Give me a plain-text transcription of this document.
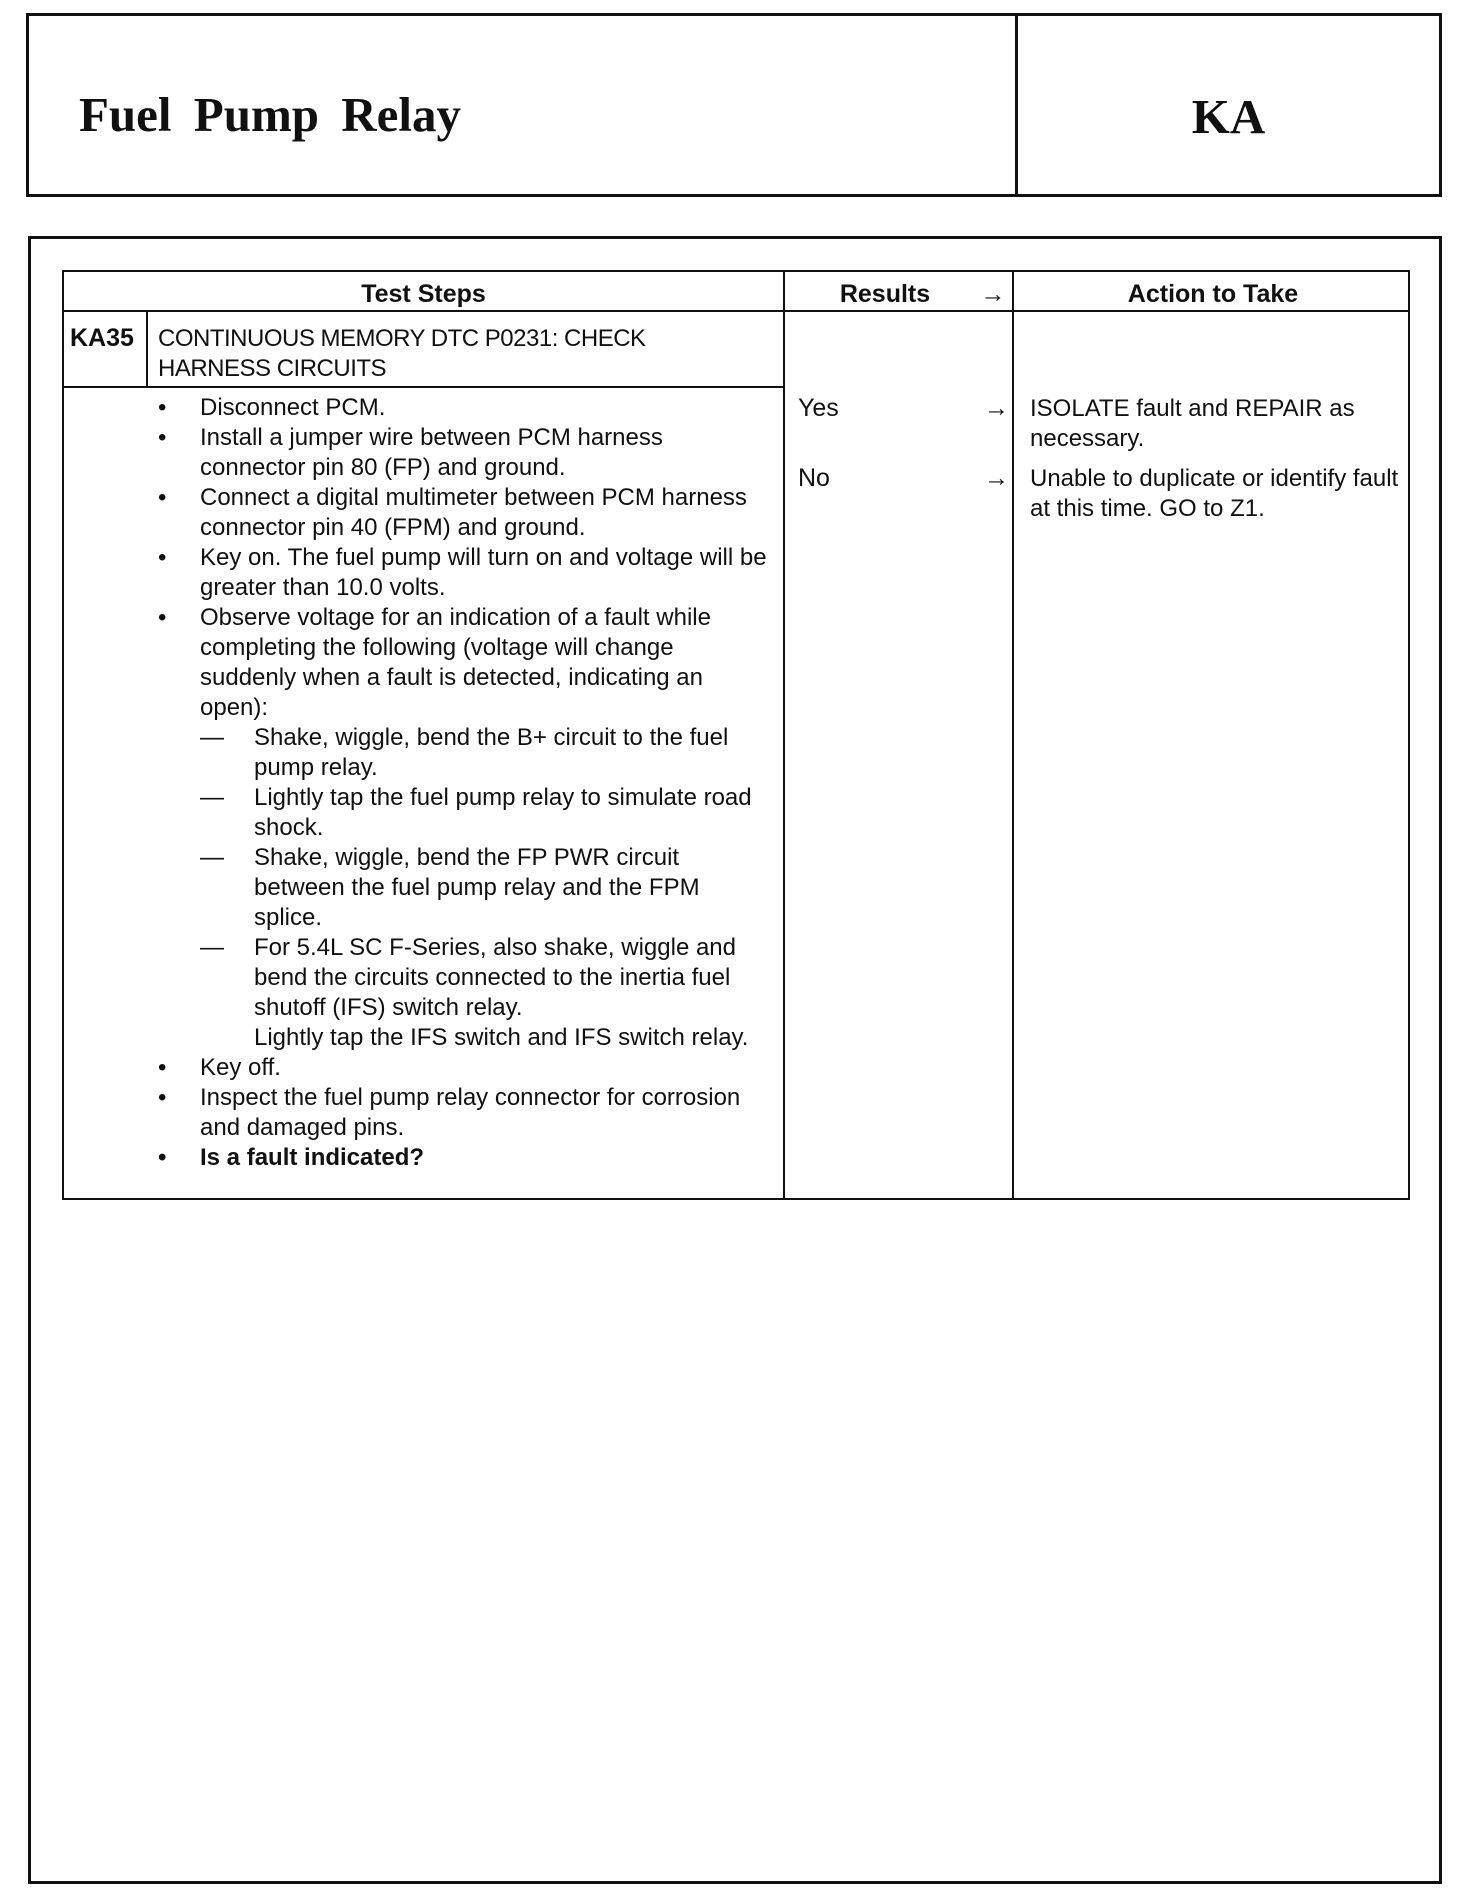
Fuel Pump Relay	KA
Test Steps	Results	→	Action to Take
KA35 CONTINUOUS MEMORY DTC P0231: CHECK HARNESS CIRCUITS
• Disconnect PCM.
• Install a jumper wire between PCM harness connector pin 80 (FP) and ground.
• Connect a digital multimeter between PCM harness connector pin 40 (FPM) and ground.
• Key on. The fuel pump will turn on and voltage will be greater than 10.0 volts.
• Observe voltage for an indication of a fault while completing the following (voltage will change suddenly when a fault is detected, indicating an open):
— Shake, wiggle, bend the B+ circuit to the fuel pump relay.
— Lightly tap the fuel pump relay to simulate road shock.
— Shake, wiggle, bend the FP PWR circuit between the fuel pump relay and the FPM splice.
— For 5.4L SC F-Series, also shake, wiggle and bend the circuits connected to the inertia fuel shutoff (IFS) switch relay.
Lightly tap the IFS switch and IFS switch relay.
• Key off.
• Inspect the fuel pump relay connector for corrosion and damaged pins.
• Is a fault indicated?
Yes	→ ISOLATE fault and REPAIR as necessary.
No	→ Unable to duplicate or identify fault at this time. GO to Z1.
